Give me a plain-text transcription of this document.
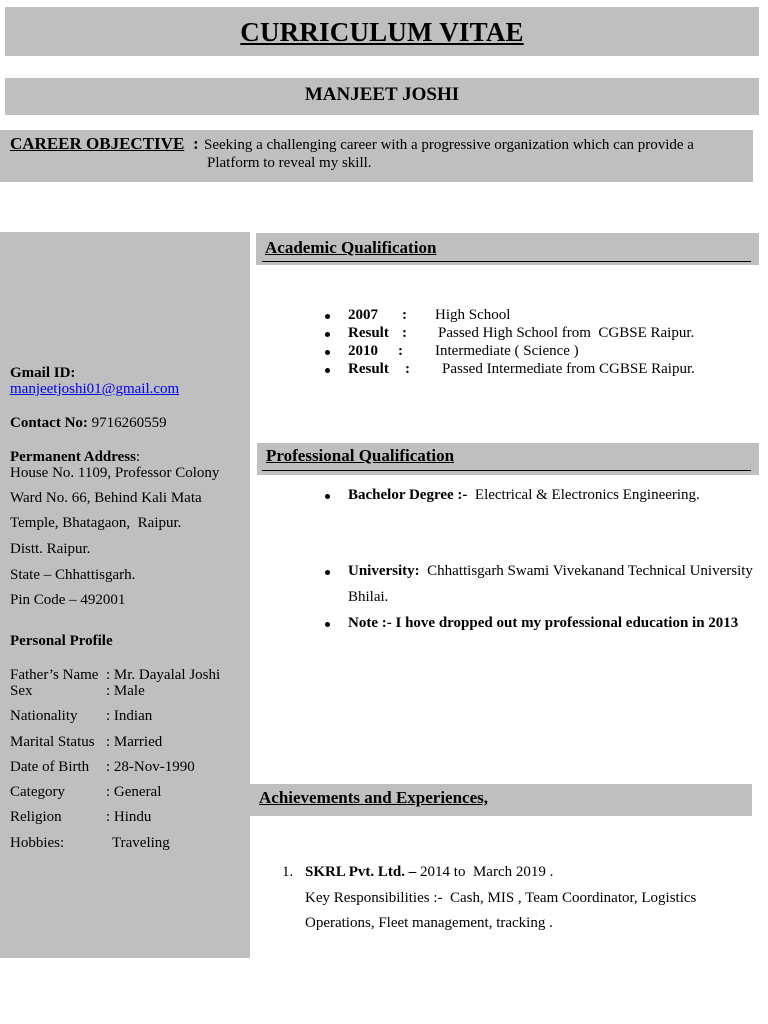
CURRICULUM VITAE
MANJEET JOSHI
CAREER OBJECTIVE : Seeking a challenging career with a progressive organization which can provide a
Platform to reveal my skill.
Gmail ID:
manjeetjoshi01@gmail.com
Contact No: 9716260559
Permanent Address:
House No. 1109, Professor Colony
Ward No. 66, Behind Kali Mata
Temple, Bhatagaon,  Raipur.
Distt. Raipur.
State – Chhattisgarh.
Pin Code – 492001
Personal Profile
Father’s Name : Mr. Dayalal Joshi
Sex	: Male
Nationality : Indian
Marital Status : Married
Date of Birth : 28-Nov-1990
Category	: General
Religion	: Hindu
Hobbies:	Traveling
Academic Qualification
2007 : High School
Result : Passed High School from  CGBSE Raipur.
2010 : Intermediate ( Science )
Result : Passed Intermediate from CGBSE Raipur.
Professional Qualification
Bachelor Degree :- Electrical & Electronics Engineering.
University: Chhattisgarh Swami Vivekanand Technical University
Bhilai.
Note :- I hove dropped out my professional education in 2013
Achievements and Experiences,
1. SKRL Pvt. Ltd. – 2014 to  March 2019 .
Key Responsibilities :-  Cash, MIS , Team Coordinator, Logistics
Operations, Fleet management, tracking .
